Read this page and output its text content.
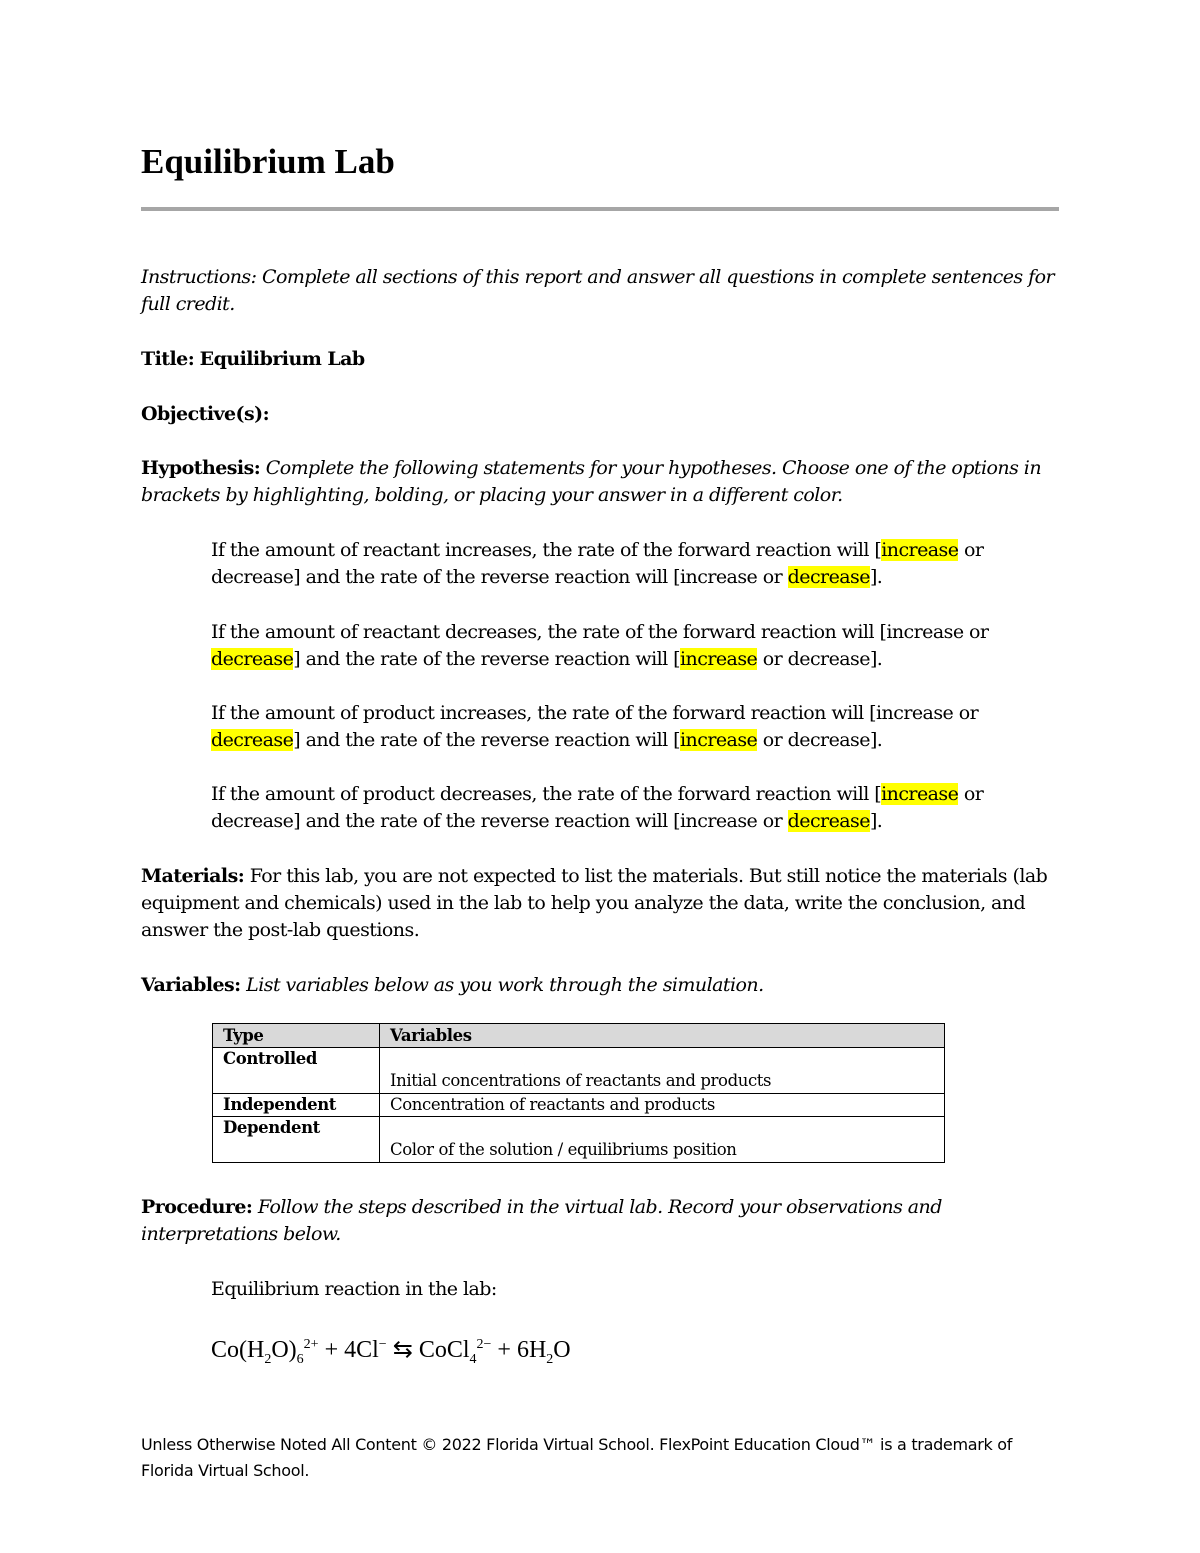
Equilibrium Lab
Instructions: Complete all sections of this report and answer all questions in complete sentences for full credit.
Title: Equilibrium Lab
Objective(s):
Hypothesis: Complete the following statements for your hypotheses. Choose one of the options in brackets by highlighting, bolding, or placing your answer in a different color.
If the amount of reactant increases, the rate of the forward reaction will [increase or decrease] and the rate of the reverse reaction will [increase or decrease].
If the amount of reactant decreases, the rate of the forward reaction will [increase or decrease] and the rate of the reverse reaction will [increase or decrease].
If the amount of product increases, the rate of the forward reaction will [increase or decrease] and the rate of the reverse reaction will [increase or decrease].
If the amount of product decreases, the rate of the forward reaction will [increase or decrease] and the rate of the reverse reaction will [increase or decrease].
Materials: For this lab, you are not expected to list the materials. But still notice the materials (lab equipment and chemicals) used in the lab to help you analyze the data, write the conclusion, and answer the post-lab questions.
Variables: List variables below as you work through the simulation.
Type	Variables
Controlled	Initial concentrations of reactants and products

Independent	Concentration of reactants and products
Dependent	Color of the solution / equilibriums position
Procedure: Follow the steps described in the virtual lab. Record your observations and interpretations below.
Equilibrium reaction in the lab:
$Co(H_2O)_6^{2+} + 4Cl^-$ ⇆ CoCl$_4^{2-}$ + $6H_2O$
Unless Otherwise Noted All Content © 2022 Florida Virtual School. FlexPoint Education Cloud™ is a trademark of Florida Virtual School.
